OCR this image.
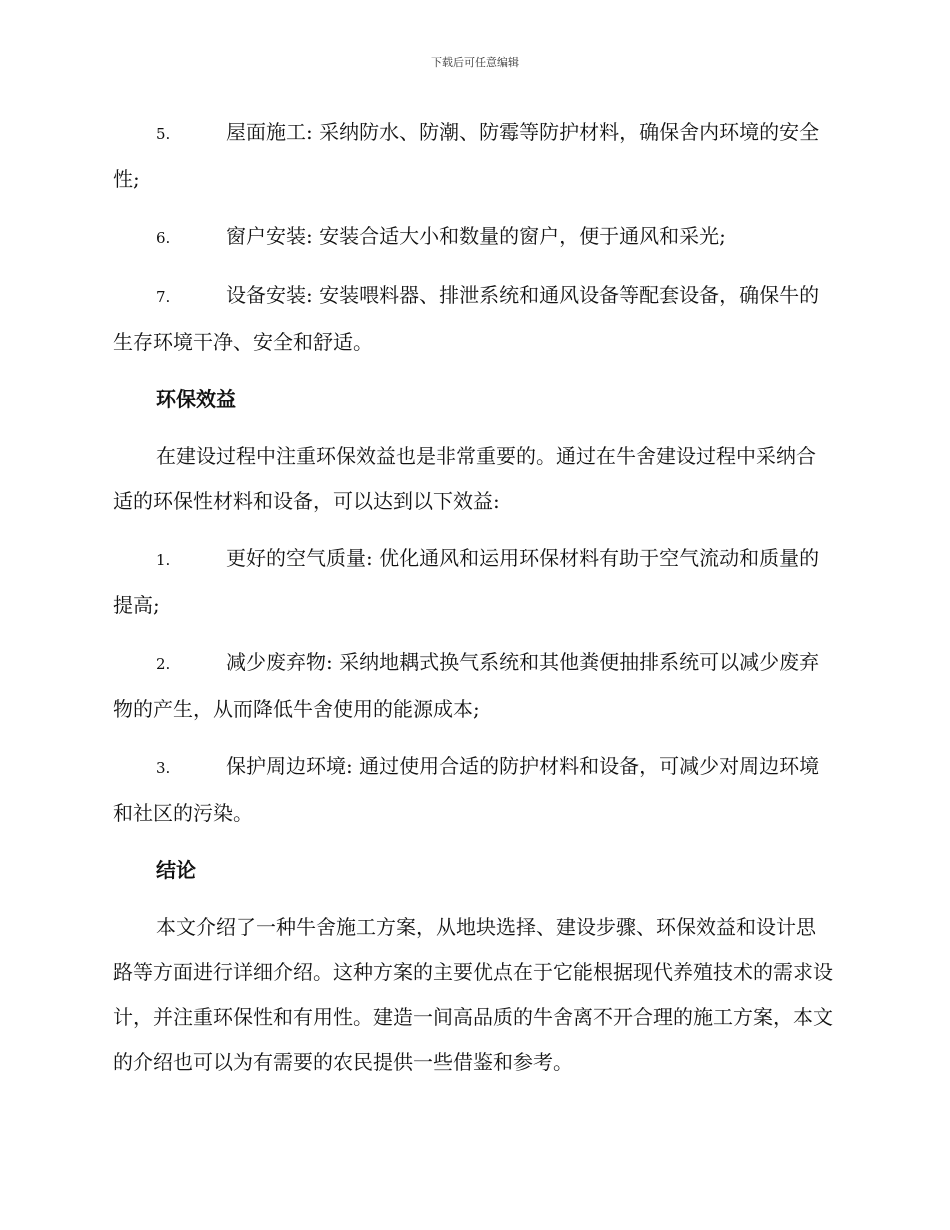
下载后可任意编辑
5.	屋面施工: 采纳防水、防潮、防霉等防护材料，确保舍内环境的安全性;
6.	窗户安装: 安装合适大小和数量的窗户，便于通风和采光;
7.	设备安装: 安装喂料器、排泄系统和通风设备等配套设备，确保牛的生存环境干净、安全和舒适。
环保效益
在建设过程中注重环保效益也是非常重要的。通过在牛舍建设过程中采纳合适的环保性材料和设备，可以达到以下效益:
1.	更好的空气质量: 优化通风和运用环保材料有助于空气流动和质量的提高;
2.	减少废弃物: 采纳地耦式换气系统和其他粪便抽排系统可以减少废弃物的产生，从而降低牛舍使用的能源成本;
3.	保护周边环境: 通过使用合适的防护材料和设备，可减少对周边环境和社区的污染。
结论
本文介绍了一种牛舍施工方案，从地块选择、建设步骤、环保效益和设计思路等方面进行详细介绍。这种方案的主要优点在于它能根据现代养殖技术的需求设计，并注重环保性和有用性。建造一间高品质的牛舍离不开合理的施工方案，本文的介绍也可以为有需要的农民提供一些借鉴和参考。
